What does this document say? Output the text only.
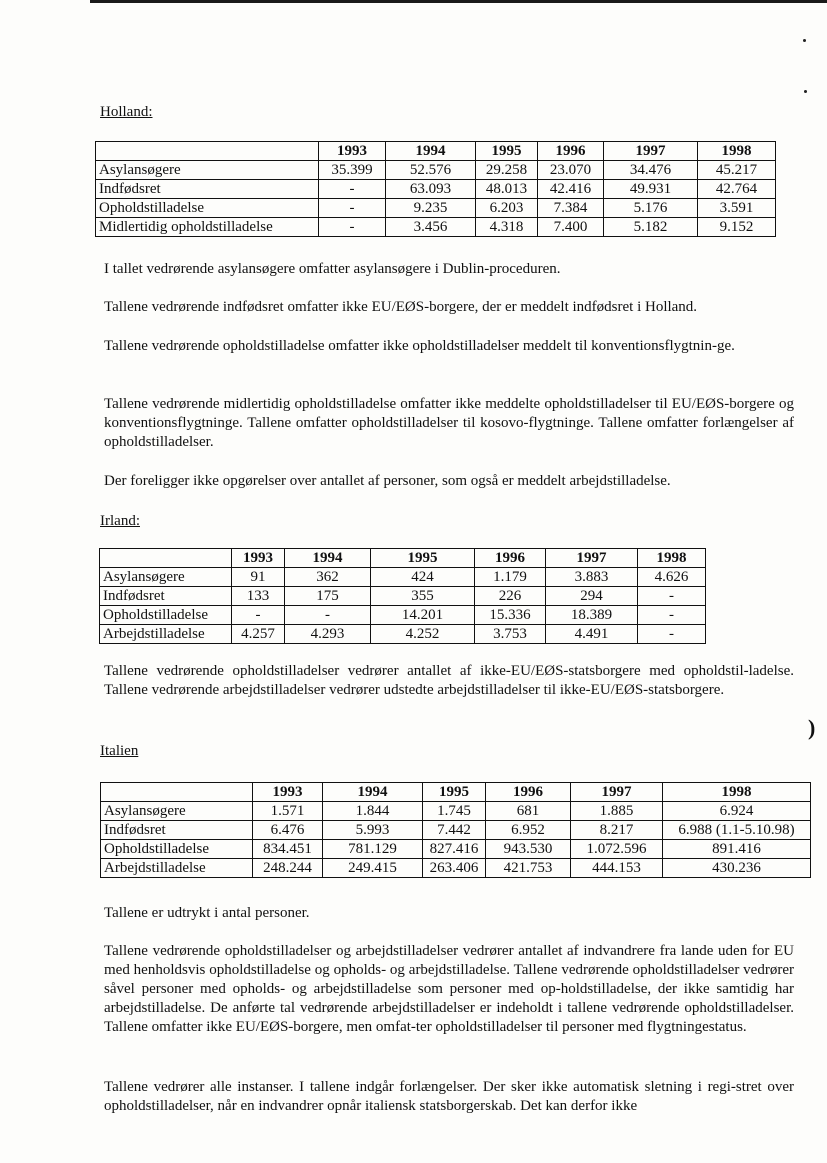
Holland:
	1993	1994	1995	1996	1997	1998
Asylansøgere	35.399	52.576	29.258	23.070	34.476	45.217
Indfødsret	-	63.093	48.013	42.416	49.931	42.764
Opholdstilladelse	-	9.235	6.203	7.384	5.176	3.591
Midlertidig opholdstilladelse	-	3.456	4.318	7.400	5.182	9.152
I tallet vedrørende asylansøgere omfatter asylansøgere i Dublin-proceduren.
Tallene vedrørende indfødsret omfatter ikke EU/EØS-borgere, der er meddelt indfødsret i Holland.
Tallene vedrørende opholdstilladelse omfatter ikke opholdstilladelser meddelt til konventionsflygtnin-ge.
Tallene vedrørende midlertidig opholdstilladelse omfatter ikke meddelte opholdstilladelser til EU/EØS-borgere og konventionsflygtninge. Tallene omfatter opholdstilladelser til kosovo-flygtninge. Tallene omfatter forlængelser af opholdstilladelser.
Der foreligger ikke opgørelser over antallet af personer, som også er meddelt arbejdstilladelse.
Irland:
	1993	1994	1995	1996	1997	1998
Asylansøgere	91	362	424	1.179	3.883	4.626
Indfødsret	133	175	355	226	294	-
Opholdstilladelse	-	-	14.201	15.336	18.389	-
Arbejdstilladelse	4.257	4.293	4.252	3.753	4.491	-
Tallene vedrørende opholdstilladelser vedrører antallet af ikke-EU/EØS-statsborgere med opholdstil-ladelse. Tallene vedrørende arbejdstilladelser vedrører udstedte arbejdstilladelser til ikke-EU/EØS-statsborgere.
)
Italien
	1993	1994	1995	1996	1997	1998
Asylansøgere	1.571	1.844	1.745	681	1.885	6.924
Indfødsret	6.476	5.993	7.442	6.952	8.217	6.988 (1.1-5.10.98)
Opholdstilladelse	834.451	781.129	827.416	943.530	1.072.596	891.416
Arbejdstilladelse	248.244	249.415	263.406	421.753	444.153	430.236
Tallene er udtrykt i antal personer.
Tallene vedrørende opholdstilladelser og arbejdstilladelser vedrører antallet af indvandrere fra lande uden for EU med henholdsvis opholdstilladelse og opholds- og arbejdstilladelse. Tallene vedrørende opholdstilladelser vedrører såvel personer med opholds- og arbejdstilladelse som personer med op-holdstilladelse, der ikke samtidig har arbejdstilladelse. De anførte tal vedrørende arbejdstilladelser er indeholdt i tallene vedrørende opholdstilladelser. Tallene omfatter ikke EU/EØS-borgere, men omfat-ter opholdstilladelser til personer med flygtningestatus.
Tallene vedrører alle instanser. I tallene indgår forlængelser. Der sker ikke automatisk sletning i regi-stret over opholdstilladelser, når en indvandrer opnår italiensk statsborgerskab. Det kan derfor ikke
